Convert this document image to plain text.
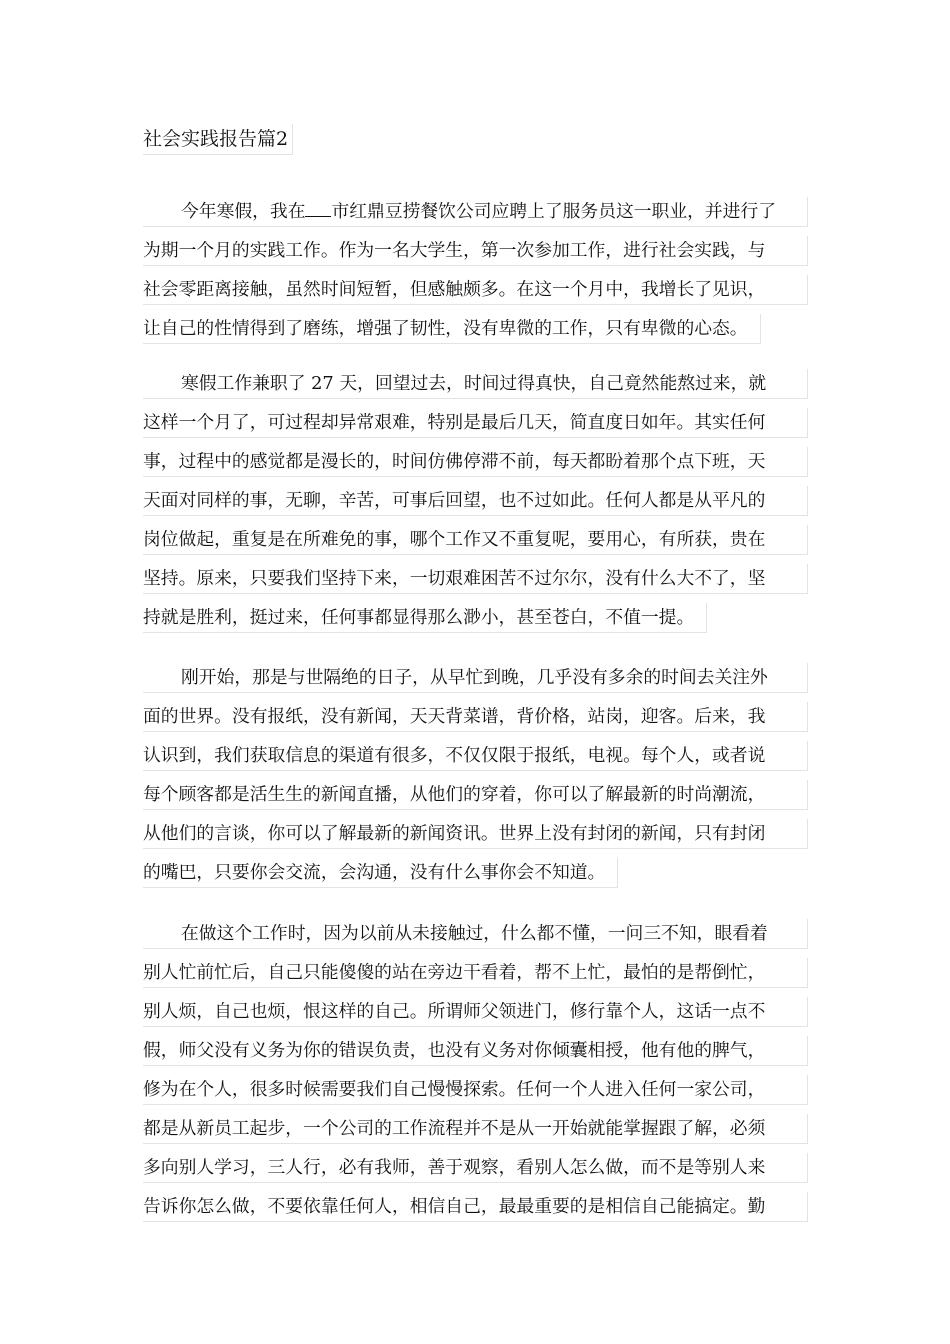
社会实践报告篇2
今年寒假，我在 市红鼎豆捞餐饮公司应聘上了服务员这一职业，并进行了
为期一个月的实践工作。作为一名大学生，第一次参加工作，进行社会实践，与
社会零距离接触，虽然时间短暂，但感触颇多。在这一个月中，我增长了见识，
让自己的性情得到了磨练，增强了韧性，没有卑微的工作，只有卑微的心态。
寒假工作兼职了 27 天，回望过去，时间过得真快，自己竟然能熬过来，就
这样一个月了，可过程却异常艰难，特别是最后几天，简直度日如年。其实任何
事，过程中的感觉都是漫长的，时间仿佛停滞不前，每天都盼着那个点下班，天
天面对同样的事，无聊，辛苦，可事后回望，也不过如此。任何人都是从平凡的
岗位做起，重复是在所难免的事，哪个工作又不重复呢，要用心，有所获，贵在
坚持。原来，只要我们坚持下来，一切艰难困苦不过尔尔，没有什么大不了，坚
持就是胜利，挺过来，任何事都显得那么渺小，甚至苍白，不值一提。
刚开始，那是与世隔绝的日子，从早忙到晚，几乎没有多余的时间去关注外
面的世界。没有报纸，没有新闻，天天背菜谱，背价格，站岗，迎客。后来，我
认识到，我们获取信息的渠道有很多，不仅仅限于报纸，电视。每个人，或者说
每个顾客都是活生生的新闻直播，从他们的穿着，你可以了解最新的时尚潮流，
从他们的言谈，你可以了解最新的新闻资讯。世界上没有封闭的新闻，只有封闭
的嘴巴，只要你会交流，会沟通，没有什么事你会不知道。
在做这个工作时，因为以前从未接触过，什么都不懂，一问三不知，眼看着
别人忙前忙后，自己只能傻傻的站在旁边干看着，帮不上忙，最怕的是帮倒忙，
别人烦，自己也烦，恨这样的自己。所谓师父领进门，修行靠个人，这话一点不
假，师父没有义务为你的错误负责，也没有义务对你倾囊相授，他有他的脾气，
修为在个人，很多时候需要我们自己慢慢探索。任何一个人进入任何一家公司，
都是从新员工起步，一个公司的工作流程并不是从一开始就能掌握跟了解，必须
多向别人学习，三人行，必有我师，善于观察，看别人怎么做，而不是等别人来
告诉你怎么做，不要依靠任何人，相信自己，最最重要的是相信自己能搞定。勤
